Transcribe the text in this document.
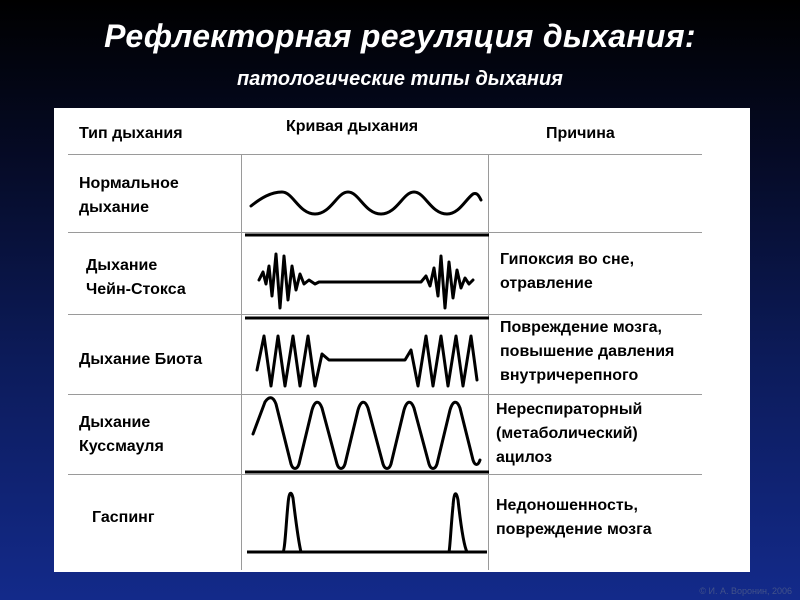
Рефлекторная регуляция дыхания:
патологические типы дыхания
Тип дыхания	Кривая дыхания	Причина
Нормальное
дыхание
Дыхание
Чейн-Стокса
Гипоксия во сне,
отравление
Дыхание Биота
Повреждение мозга,
повышение давления
внутричерепного
Дыхание
Куссмауля
Нереспираторный
(метаболический)
ацилоз
Гаспинг
Недоношенность,
повреждение мозга
© И. А. Воронин, 2006
